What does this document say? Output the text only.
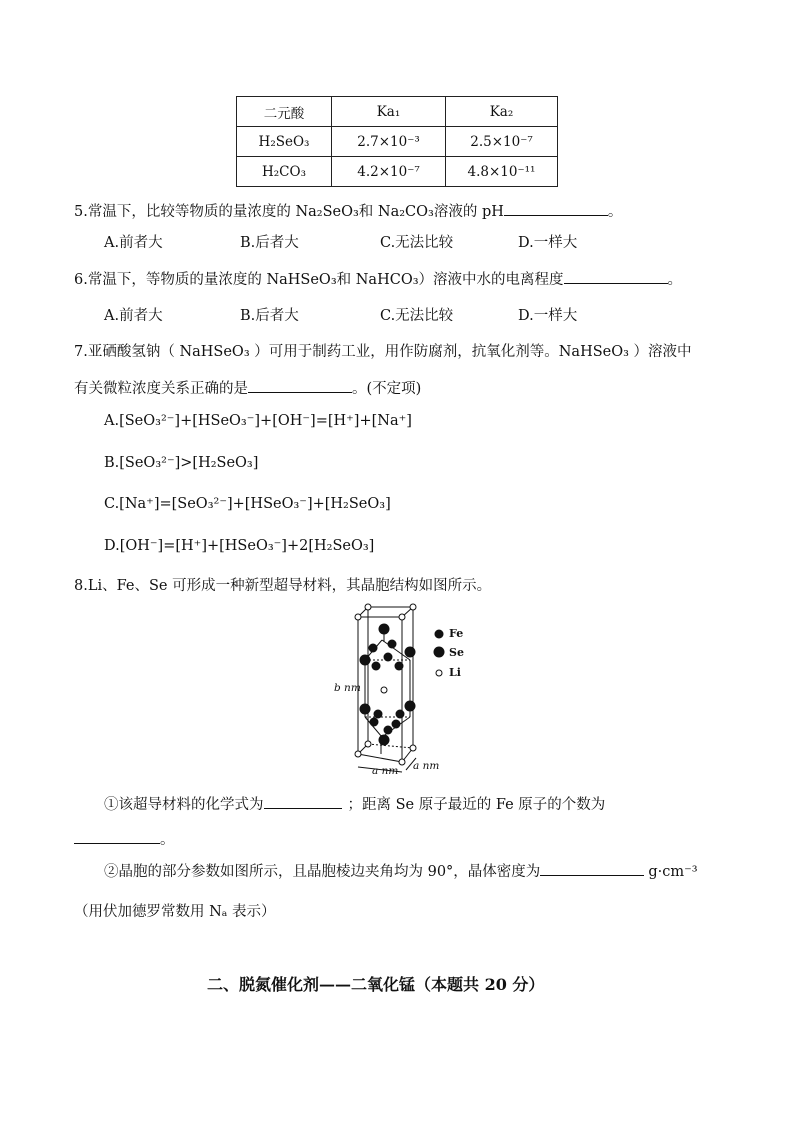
二元酸	Ka₁	Ka₂
H₂SeO₃	2.7×10⁻³	2.5×10⁻⁷
H₂CO₃	4.2×10⁻⁷	4.8×10⁻¹¹
5.常温下，比较等物质的量浓度的 Na₂SeO₃和 Na₂CO₃溶液的 pH	。
A.前者大	B.后者大	C.无法比较	D.一样大
6.常温下，等物质的量浓度的 NaHSeO₃和 NaHCO₃）溶液中水的电离程度	。
A.前者大	B.后者大	C.无法比较	D.一样大
7.亚硒酸氢钠（ NaHSeO₃ ）可用于制药工业，用作防腐剂，抗氧化剂等。NaHSeO₃ ）溶液中
有关微粒浓度关系正确的是	。(不定项)
A.[SeO₃²⁻]+[HSeO₃⁻]+[OH⁻]=[H⁺]+[Na⁺]
B.[SeO₃²⁻]>[H₂SeO₃]
C.[Na⁺]=[SeO₃²⁻]+[HSeO₃⁻]+[H₂SeO₃]
D.[OH⁻]=[H⁺]+[HSeO₃⁻]+2[H₂SeO₃]
8.Li、Fe、Se 可形成一种新型超导材料，其晶胞结构如图所示。
Fe
Se
Li
b nm
a nm a nm
①该超导材料的化学式为	；距离 Se 原子最近的 Fe 原子的个数为
。
②晶胞的部分参数如图所示，且晶胞棱边夹角均为 90°，晶体密度为	g·cm⁻³
（用伏加德罗常数用 Nₐ 表示）
二、脱氮催化剂——二氧化锰（本题共 20 分）
